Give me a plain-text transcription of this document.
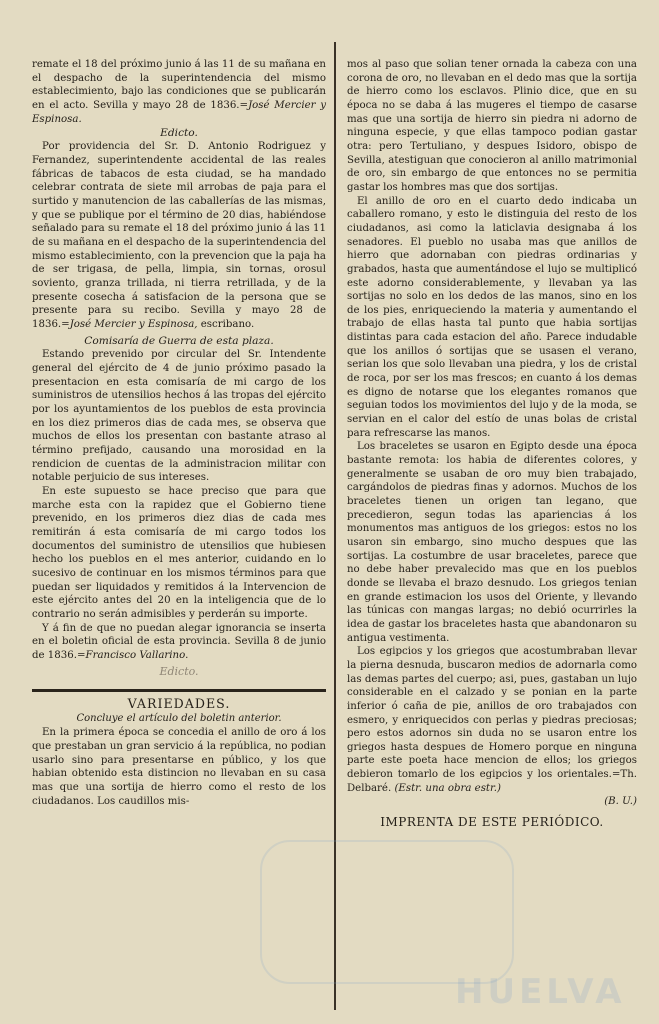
remate el 18 del próximo junio á las 11 de su mañana en el despacho de la superintendencia del mismo establecimiento, bajo las condiciones que se publicarán en el acto. Sevilla y mayo 28 de 1836.=José Mercier y Espinosa.

Edicto.

Por providencia del Sr. D. Antonio Rodriguez y Fernandez, superintendente accidental de las reales fábricas de tabacos de esta ciudad, se ha mandado celebrar contrata de siete mil arrobas de paja para el surtido y manutencion de las caballerías de las mismas, y que se publique por el término de 20 dias, habiéndose señalado para su remate el 18 del próximo junio á las 11 de su mañana en el despacho de la superintendencia del mismo establecimiento, con la prevencion que la paja ha de ser trigasa, de pella, limpia, sin tornas, orosul soviento, granza trillada, ni tierra retrillada, y de la presente cosecha á satisfacion de la persona que se presente para su recibo. Sevilla y mayo 28 de 1836.=José Mercier y Espinosa, escribano.

Comisaría de Guerra de esta plaza.

Estando prevenido por circular del Sr. Intendente general del ejército de 4 de junio próximo pasado la presentacion en esta comisaría de mi cargo de los suministros de utensilios hechos á las tropas del ejército por los ayuntamientos de los pueblos de esta provincia en los diez primeros dias de cada mes, se observa que muchos de ellos los presentan con bastante atraso al término prefijado, causando una morosidad en la rendicion de cuentas de la administracion militar con notable perjuicio de sus intereses.

En este supuesto se hace preciso que para que marche esta con la rapidez que el Gobierno tiene prevenido, en los primeros diez dias de cada mes remitirán á esta comisaría de mi cargo todos los documentos del suministro de utensilios que hubiesen hecho los pueblos en el mes anterior, cuidando en lo sucesivo de continuar en los mismos términos para que puedan ser liquidados y remitidos á la Intervencion de este ejército antes del 20 en la inteligencia que de lo contrario no serán admisibles y perderán su importe.

Y á fin de que no puedan alegar ignorancia se inserta en el boletin oficial de esta provincia. Sevilla 8 de junio de 1836.=Francisco Vallarino.

Edicto.

VARIEDADES.

Concluye el artículo del boletin anterior.

En la primera época se concedia el anillo de oro á los que prestaban un gran servicio á la república, no podian usarlo sino para presentarse en público, y los que habian obtenido esta distincion no llevaban en su casa mas que una sortija de hierro como el resto de los ciudadanos. Los caudillos mis-

mos al paso que solian tener ornada la cabeza con una corona de oro, no llevaban en el dedo mas que la sortija de hierro como los esclavos. Plinio dice, que en su época no se daba á las mugeres el tiempo de casarse mas que una sortija de hierro sin piedra ni adorno de ninguna especie, y que ellas tampoco podian gastar otra: pero Tertuliano, y despues Isidoro, obispo de Sevilla, atestiguan que conocieron al anillo matrimonial de oro, sin embargo de que entonces no se permitia gastar los hombres mas que dos sortijas.

El anillo de oro en el cuarto dedo indicaba un caballero romano, y esto le distinguia del resto de los ciudadanos, asi como la laticlavia designaba á los senadores. El pueblo no usaba mas que anillos de hierro que adornaban con piedras ordinarias y grabados, hasta que aumentándose el lujo se multiplicó este adorno considerablemente, y llevaban ya las sortijas no solo en los dedos de las manos, sino en los de los pies, enriqueciendo la materia y aumentando el trabajo de ellas hasta tal punto que habia sortijas distintas para cada estacion del año. Parece indudable que los anillos ó sortijas que se usasen el verano, serian los que solo llevaban una piedra, y los de cristal de roca, por ser los mas frescos; en cuanto á los demas es digno de notarse que los elegantes romanos que seguian todos los movimientos del lujo y de la moda, se servian en el calor del estío de unas bolas de cristal para refrescarse las manos.

Los braceletes se usaron en Egipto desde una época bastante remota: los habia de diferentes colores, y generalmente se usaban de oro muy bien trabajado, cargándolos de piedras finas y adornos. Muchos de los braceletes tienen un origen tan legano, que precedieron, segun todas las apariencias á los monumentos mas antiguos de los griegos: estos no los usaron sin embargo, sino mucho despues que las sortijas. La costumbre de usar braceletes, parece que no debe haber prevalecido mas que en los pueblos donde se llevaba el brazo desnudo. Los griegos tenian en grande estimacion los usos del Oriente, y llevando las túnicas con mangas largas; no debió ocurrirles la idea de gastar los braceletes hasta que abandonaron su antigua vestimenta.

Los egipcios y los griegos que acostumbraban llevar la pierna desnuda, buscaron medios de adornarla como las demas partes del cuerpo; asi, pues, gastaban un lujo considerable en el calzado y se ponian en la parte inferior ó caña de pie, anillos de oro trabajados con esmero, y enriquecidos con perlas y piedras preciosas; pero estos adornos sin duda no se usaron entre los griegos hasta despues de Homero porque en ninguna parte este poeta hace mencion de ellos; los griegos debieron tomarlo de los egipcios y los orientales.=Th. Delbaré. (Estr. una obra estr.)

(B. U.)

IMPRENTA DE ESTE PERIÓDICO.

HUELVA
